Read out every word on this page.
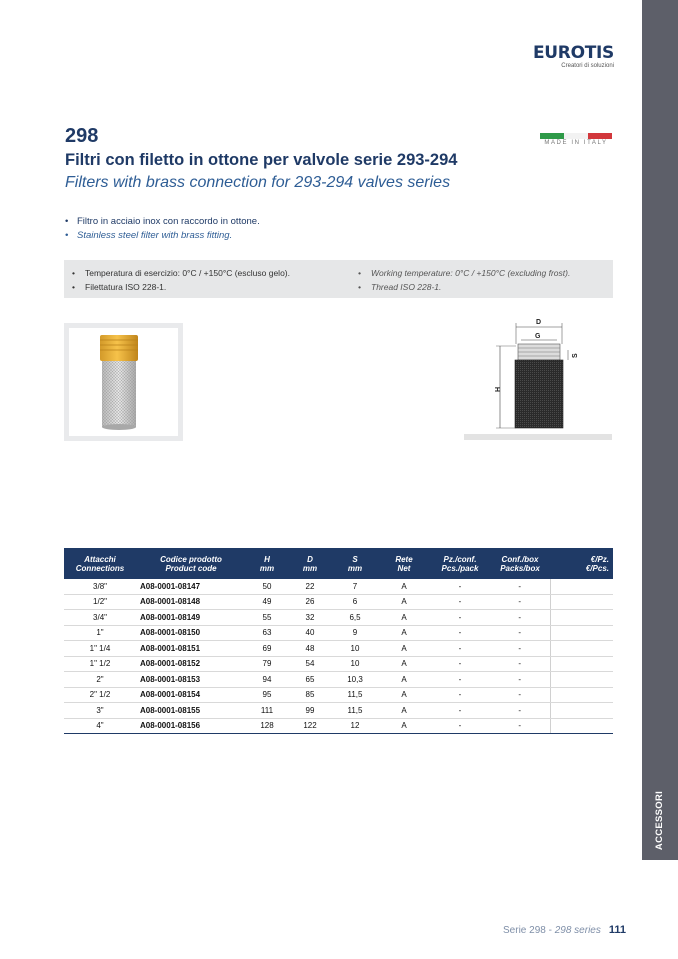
ACCESSORI
EUROTIS
Creatori di soluzioni
MADE IN ITALY
298
Filtri con filetto in ottone per valvole serie 293-294
Filters with brass connection for 293-294 valves series
• Filtro in acciaio inox con raccordo in ottone.
• Stainless steel filter with brass fitting.
• Temperatura di esercizio: 0°C / +150°C (escluso gelo).
• Filettatura ISO 228-1.
• Working temperature: 0°C / +150°C (excluding frost).
• Thread ISO 228-1.
D
G
S
H
Attacchi
Connections	Codice prodotto
Product code	H
mm	D
mm	S
mm	Rete
Net	Pz./conf.
Pcs./pack	Conf./box
Packs/box	€/Pz.
€/Pcs.
3/8"	A08-0001-08147	50	22	7	A	-	-	
1/2"	A08-0001-08148	49	26	6	A	-	-	
3/4"	A08-0001-08149	55	32	6,5	A	-	-	
1"	A08-0001-08150	63	40	9	A	-	-	
1" 1/4	A08-0001-08151	69	48	10	A	-	-	
1" 1/2	A08-0001-08152	79	54	10	A	-	-	
2"	A08-0001-08153	94	65	10,3	A	-	-	
2" 1/2	A08-0001-08154	95	85	11,5	A	-	-	
3"	A08-0001-08155	111	99	11,5	A	-	-	
4"	A08-0001-08156	128	122	12	A	-	-	
Serie 298 - 298 series 111
